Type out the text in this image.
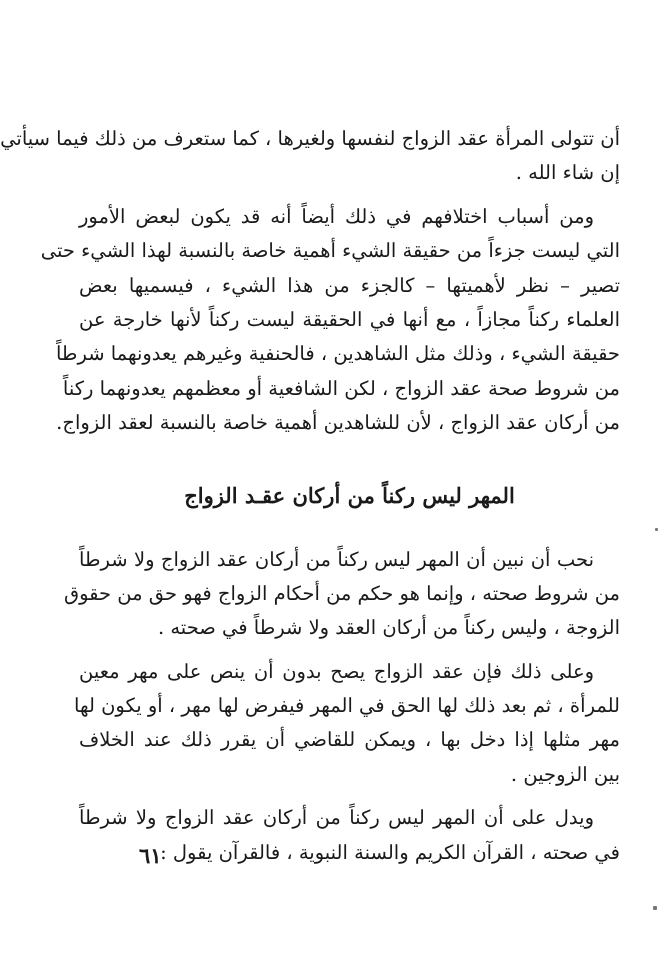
أن تتولى المرأة عقد الزواج لنفسها ولغيرها ، كما ستعرف من ذلك فيما سيأتي

إن شاء الله .

ومن أسباب اختلافهم في ذلك أيضاً أنه قد يكون لبعض الأمور

التي ليست جزءاً من حقيقة الشيء أهمية خاصة بالنسبة لهذا الشيء حتى

تصير – نظر لأهميتها – كالجزء من هذا الشيء ، فيسميها بعض

العلماء ركناً مجازاً ، مع أنها في الحقيقة ليست ركناً لأنها خارجة عن

حقيقة الشيء ، وذلك مثل الشاهدين ، فالحنفية وغيرهم يعدونهما شرطاً

من شروط صحة عقد الزواج ، لكن الشافعية أو معظمهم يعدونهما ركناً

من أركان عقد الزواج ، لأن للشاهدين أهمية خاصة بالنسبة لعقد الزواج.

المهر ليس ركناً من أركان عقـد الزواج

نحب أن نبين أن المهر ليس ركناً من أركان عقد الزواج ولا شرطاً

من شروط صحته ، وإنما هو حكم من أحكام الزواج فهو حق من حقوق

الزوجة ، وليس ركناً من أركان العقد ولا شرطاً في صحته .

وعلى ذلك فإن عقد الزواج يصح بدون أن ينص على مهر معين

للمرأة ، ثم بعد ذلك لها الحق في المهر فيفرض لها مهر ، أو يكون لها

مهر مثلها إذا دخل بها ، ويمكن للقاضي أن يقرر ذلك عند الخلاف

بين الزوجين .

ويدل على أن المهر ليس ركناً من أركان عقد الزواج ولا شرطاً

في صحته ، القرآن الكريم والسنة النبوية ، فالقرآن يقول :

٦١
